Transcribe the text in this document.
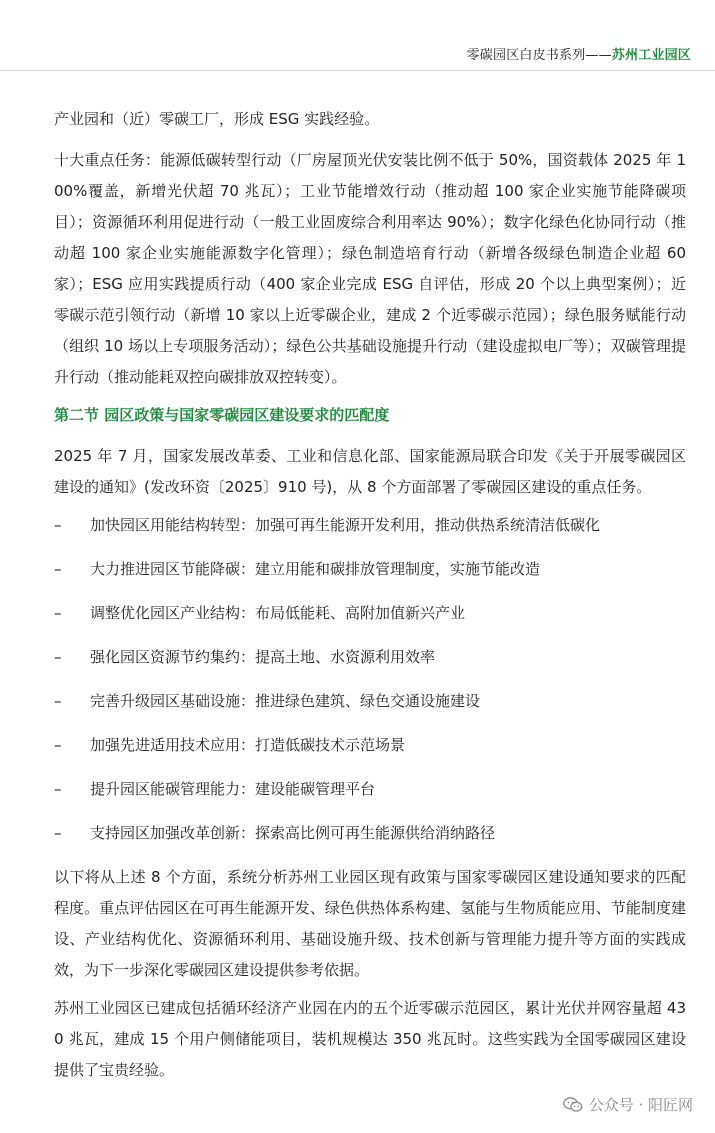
零碳园区白皮书系列——苏州工业园区

产业园和（近）零碳工厂，形成 ESG 实践经验。

十大重点任务：能源低碳转型行动（厂房屋顶光伏安装比例不低于 50%，国资载体 2025 年 100%覆盖，新增光伏超 70 兆瓦）；工业节能增效行动（推动超 100 家企业实施节能降碳项目）；资源循环利用促进行动（一般工业固废综合利用率达 90%）；数字化绿色化协同行动（推动超 100 家企业实施能源数字化管理）；绿色制造培育行动（新增各级绿色制造企业超 60 家）；ESG 应用实践提质行动（400 家企业完成 ESG 自评估，形成 20 个以上典型案例）；近零碳示范引领行动（新增 10 家以上近零碳企业，建成 2 个近零碳示范园）；绿色服务赋能行动（组织 10 场以上专项服务活动）；绿色公共基础设施提升行动（建设虚拟电厂等）；双碳管理提升行动（推动能耗双控向碳排放双控转变）。

第二节 园区政策与国家零碳园区建设要求的匹配度

2025 年 7 月，国家发展改革委、工业和信息化部、国家能源局联合印发《关于开展零碳园区建设的通知》(发改环资〔2025〕910 号)，从 8 个方面部署了零碳园区建设的重点任务。

–	加快园区用能结构转型：加强可再生能源开发利用，推动供热系统清洁低碳化
–	大力推进园区节能降碳：建立用能和碳排放管理制度，实施节能改造
–	调整优化园区产业结构：布局低能耗、高附加值新兴产业
–	强化园区资源节约集约：提高土地、水资源利用效率
–	完善升级园区基础设施：推进绿色建筑、绿色交通设施建设
–	加强先进适用技术应用：打造低碳技术示范场景
–	提升园区能碳管理能力：建设能碳管理平台
–	支持园区加强改革创新：探索高比例可再生能源供给消纳路径

以下将从上述 8 个方面，系统分析苏州工业园区现有政策与国家零碳园区建设通知要求的匹配程度。重点评估园区在可再生能源开发、绿色供热体系构建、氢能与生物质能应用、节能制度建设、产业结构优化、资源循环利用、基础设施升级、技术创新与管理能力提升等方面的实践成效，为下一步深化零碳园区建设提供参考依据。

苏州工业园区已建成包括循环经济产业园在内的五个近零碳示范园区，累计光伏并网容量超 430 兆瓦，建成 15 个用户侧储能项目，装机规模达 350 兆瓦时。这些实践为全国零碳园区建设提供了宝贵经验。

公众号 · 阳匠网
